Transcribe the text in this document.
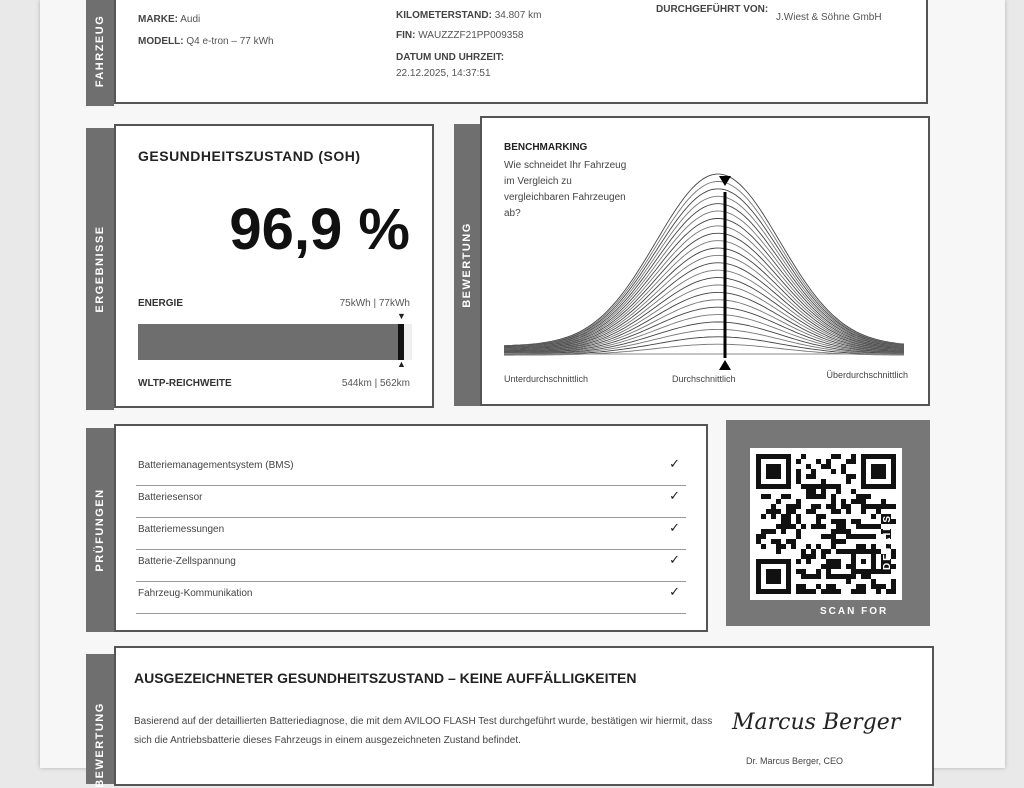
FAHRZEUG	MARKE: Audi
MODELL: Q4 e-tron – 77 kWh
KILOMETERSTAND: 34.807 km
FIN: WAUZZZF21PP009358
DATUM UND UHRZEIT:
22.12.2025, 14:37:51
DURCHGEFÜHRT VON:
J.Wiest & Söhne GmbH
ERGEBNISSE
GESUNDHEITSZUSTAND (SOH)
96,9 %
ENERGIE	75kWh | 77kWh
▼
▲
WLTP-REICHWEITE	544km | 562km
BEWERTUNG
BENCHMARKING
Wie schneidet Ihr Fahrzeug im Vergleich zu vergleichbaren Fahrzeugen ab?
Unterdurchschnittlich	Durchschnittlich	Überdurchschnittlich
PRÜFUNGEN
Batteriemanagementsystem (BMS)	✓
Batteriesensor	✓
Batteriemessungen	✓
Batterie-Zellspannung	✓
Fahrzeug-Kommunikation	✓
SCAN FOR
DETAILS
BEWERTUNG
AUSGEZEICHNETER GESUNDHEITSZUSTAND – KEINE AUFFÄLLIGKEITEN
Basierend auf der detaillierten Batteriediagnose, die mit dem AVILOO FLASH Test durchgeführt wurde, bestätigen wir hiermit, dass sich die Antriebsbatterie dieses Fahrzeugs in einem ausgezeichneten Zustand befindet.
Marcus Berger
Dr. Marcus Berger, CEO
